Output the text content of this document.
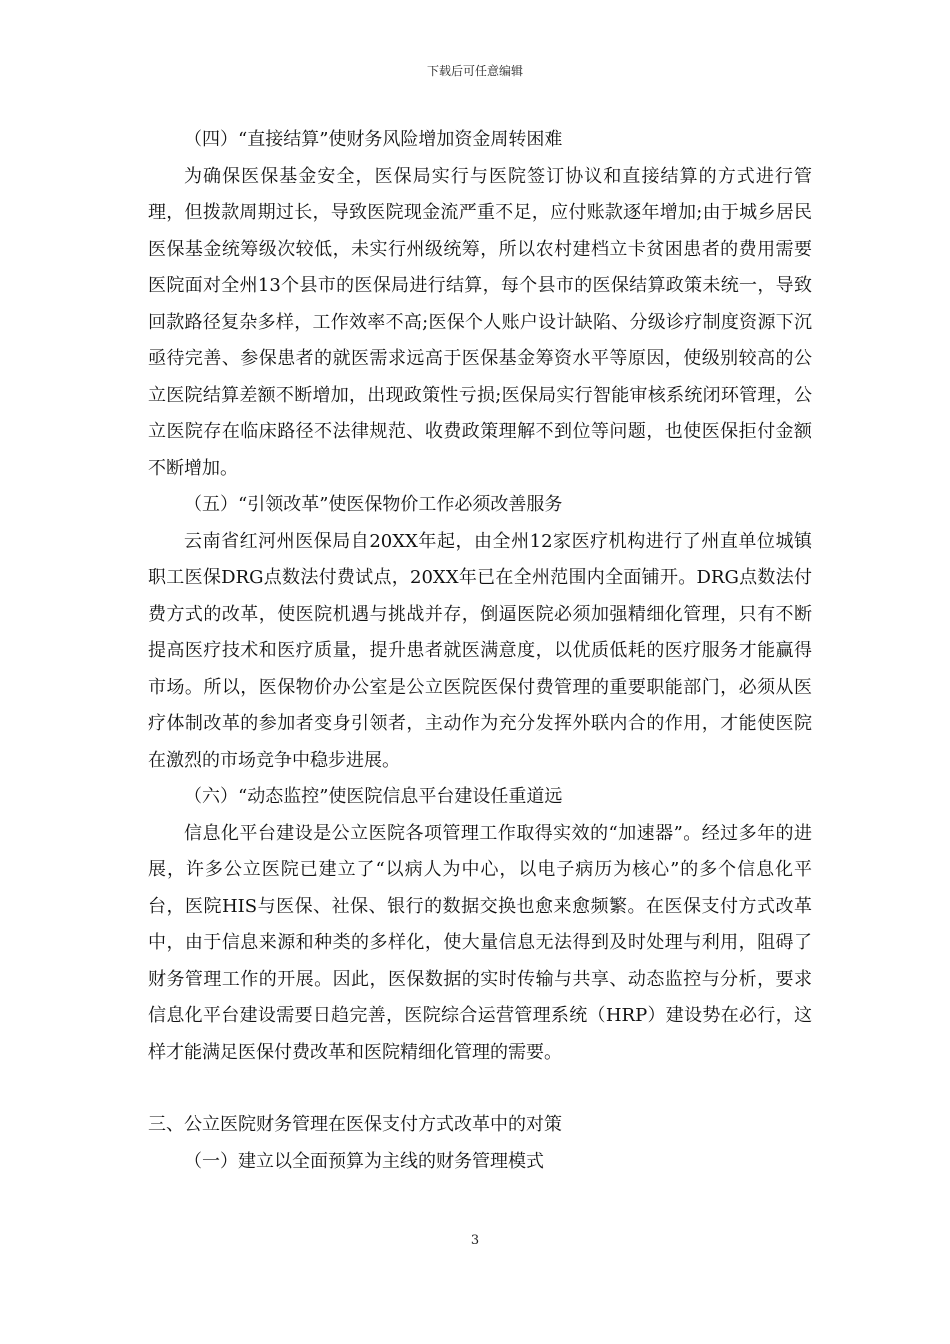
下载后可任意编辑

（四）“直接结算”使财务风险增加资金周转困难

为确保医保基金安全，医保局实行与医院签订协议和直接结算的方式进行管理，但拨款周期过长，导致医院现金流严重不足，应付账款逐年增加;由于城乡居民医保基金统筹级次较低，未实行州级统筹，所以农村建档立卡贫困患者的费用需要医院面对全州13个县市的医保局进行结算，每个县市的医保结算政策未统一，导致回款路径复杂多样，工作效率不高;医保个人账户设计缺陷、分级诊疗制度资源下沉亟待完善、参保患者的就医需求远高于医保基金筹资水平等原因，使级别较高的公立医院结算差额不断增加，出现政策性亏损;医保局实行智能审核系统闭环管理，公立医院存在临床路径不法律规范、收费政策理解不到位等问题，也使医保拒付金额不断增加。

（五）“引领改革”使医保物价工作必须改善服务

云南省红河州医保局自20XX年起，由全州12家医疗机构进行了州直单位城镇职工医保DRG点数法付费试点，20XX年已在全州范围内全面铺开。DRG点数法付费方式的改革，使医院机遇与挑战并存，倒逼医院必须加强精细化管理，只有不断提高医疗技术和医疗质量，提升患者就医满意度，以优质低耗的医疗服务才能赢得市场。所以，医保物价办公室是公立医院医保付费管理的重要职能部门，必须从医疗体制改革的参加者变身引领者，主动作为充分发挥外联内合的作用，才能使医院在激烈的市场竞争中稳步进展。

（六）“动态监控”使医院信息平台建设任重道远

信息化平台建设是公立医院各项管理工作取得实效的“加速器”。经过多年的进展，许多公立医院已建立了“以病人为中心，以电子病历为核心”的多个信息化平台，医院HIS与医保、社保、银行的数据交换也愈来愈频繁。在医保支付方式改革中，由于信息来源和种类的多样化，使大量信息无法得到及时处理与利用，阻碍了财务管理工作的开展。因此，医保数据的实时传输与共享、动态监控与分析，要求信息化平台建设需要日趋完善，医院综合运营管理系统（HRP）建设势在必行，这样才能满足医保付费改革和医院精细化管理的需要。

三、公立医院财务管理在医保支付方式改革中的对策

（一）建立以全面预算为主线的财务管理模式

3
